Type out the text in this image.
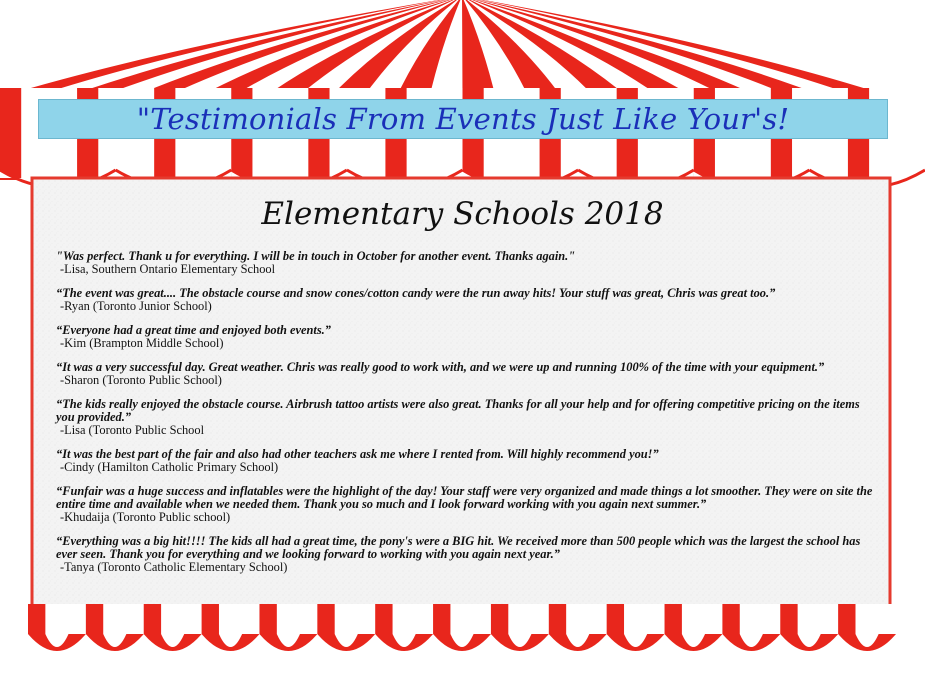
"Testimonials From Events Just Like Your's!
Elementary Schools 2018
"Was perfect. Thank u for everything. I will be in touch in October for another event. Thanks again."
-Lisa, Southern Ontario Elementary School
“The event was great.... The obstacle course and snow cones/cotton candy were the run away hits! Your stuff was great, Chris was great too.”
-Ryan (Toronto Junior School)
“Everyone had a great time and enjoyed both events.”
-Kim (Brampton Middle School)
“It was a very successful day. Great weather. Chris was really good to work with, and we were up and running 100% of the time with your equipment.”
-Sharon (Toronto Public School)
“The kids really enjoyed the obstacle course. Airbrush tattoo artists were also great. Thanks for all your help and for offering competitive pricing on the items you provided.”
-Lisa (Toronto Public School
“It was the best part of the fair and also had other teachers ask me where I rented from. Will highly recommend you!”
-Cindy (Hamilton Catholic Primary School)
“Funfair was a huge success and inflatables were the highlight of the day! Your staff were very organized and made things a lot smoother. They were on site the entire time and available when we needed them. Thank you so much and I look forward working with you again next summer.”
-Khudaija (Toronto Public school)
“Everything was a big hit!!!! The kids all had a great time, the pony's were a BIG hit. We received more than 500 people which was the largest the school has ever seen. Thank you for everything and we looking forward to working with you again next year.”
-Tanya (Toronto Catholic Elementary School)
